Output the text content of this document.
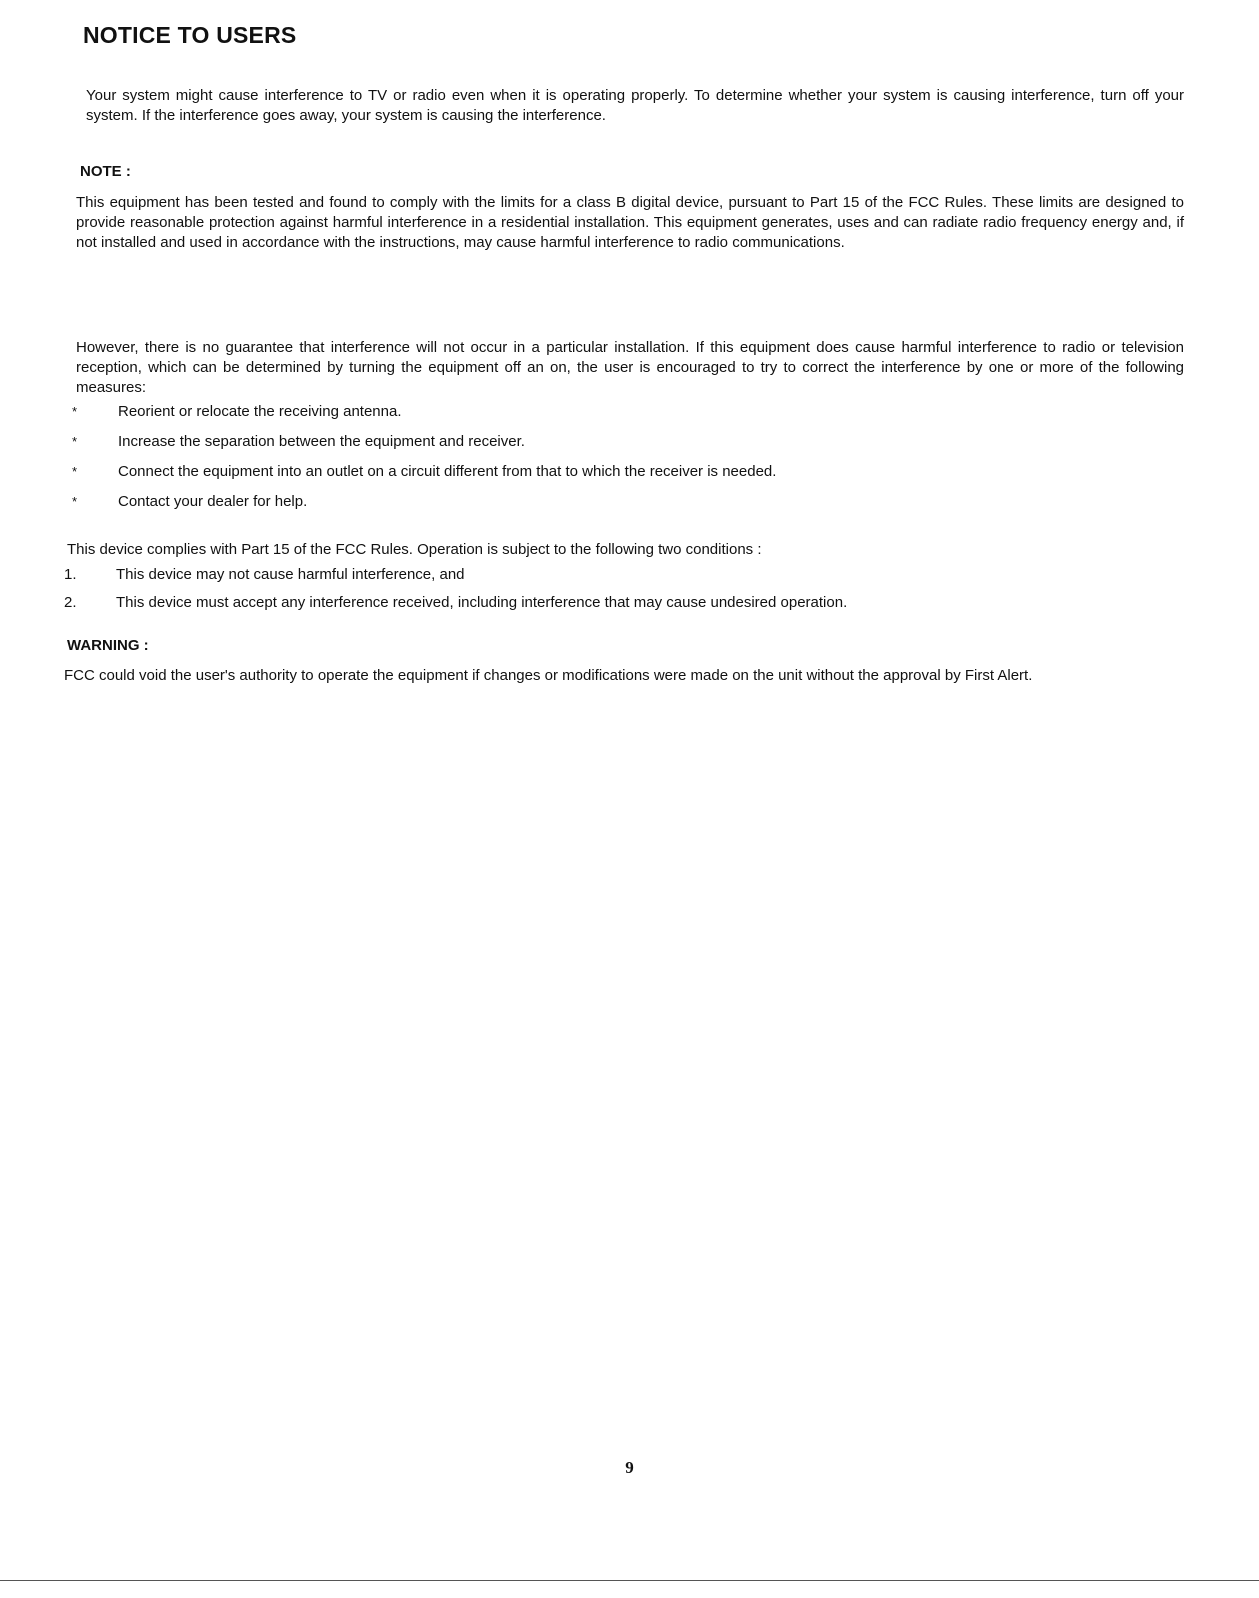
NOTICE TO USERS

Your system might cause interference to TV or radio even when it is operating properly. To determine whether your system is causing interference, turn off your system. If the interference goes away, your system is causing the interference.

NOTE :

This equipment has been tested and found to comply with the limits for a class B digital device, pursuant to Part 15 of the FCC Rules. These limits are designed to provide reasonable protection against harmful interference in a residential installation. This equipment generates, uses and can radiate radio frequency energy and, if not installed and used in accordance with the instructions, may cause harmful interference to radio communications.

However, there is no guarantee that interference will not occur in a particular installation. If this equipment does cause harmful interference to radio or television reception, which can be determined by turning the equipment off an on, the user is encouraged to try to correct the interference by one or more of the following measures:

*	Reorient or relocate the receiving antenna.
*	Increase the separation between the equipment and receiver.
*	Connect the equipment into an outlet on a circuit different from that to which the receiver is needed.
*	Contact your dealer for help.

This device complies with Part 15 of the FCC Rules. Operation is subject to the following two conditions :

1.	This device may not cause harmful interference, and
2.	This device must accept any interference received, including interference that may cause undesired operation.
WARNING :

FCC could void the user's authority to operate the equipment if changes or modifications were made on the unit without the approval by First Alert.

9
